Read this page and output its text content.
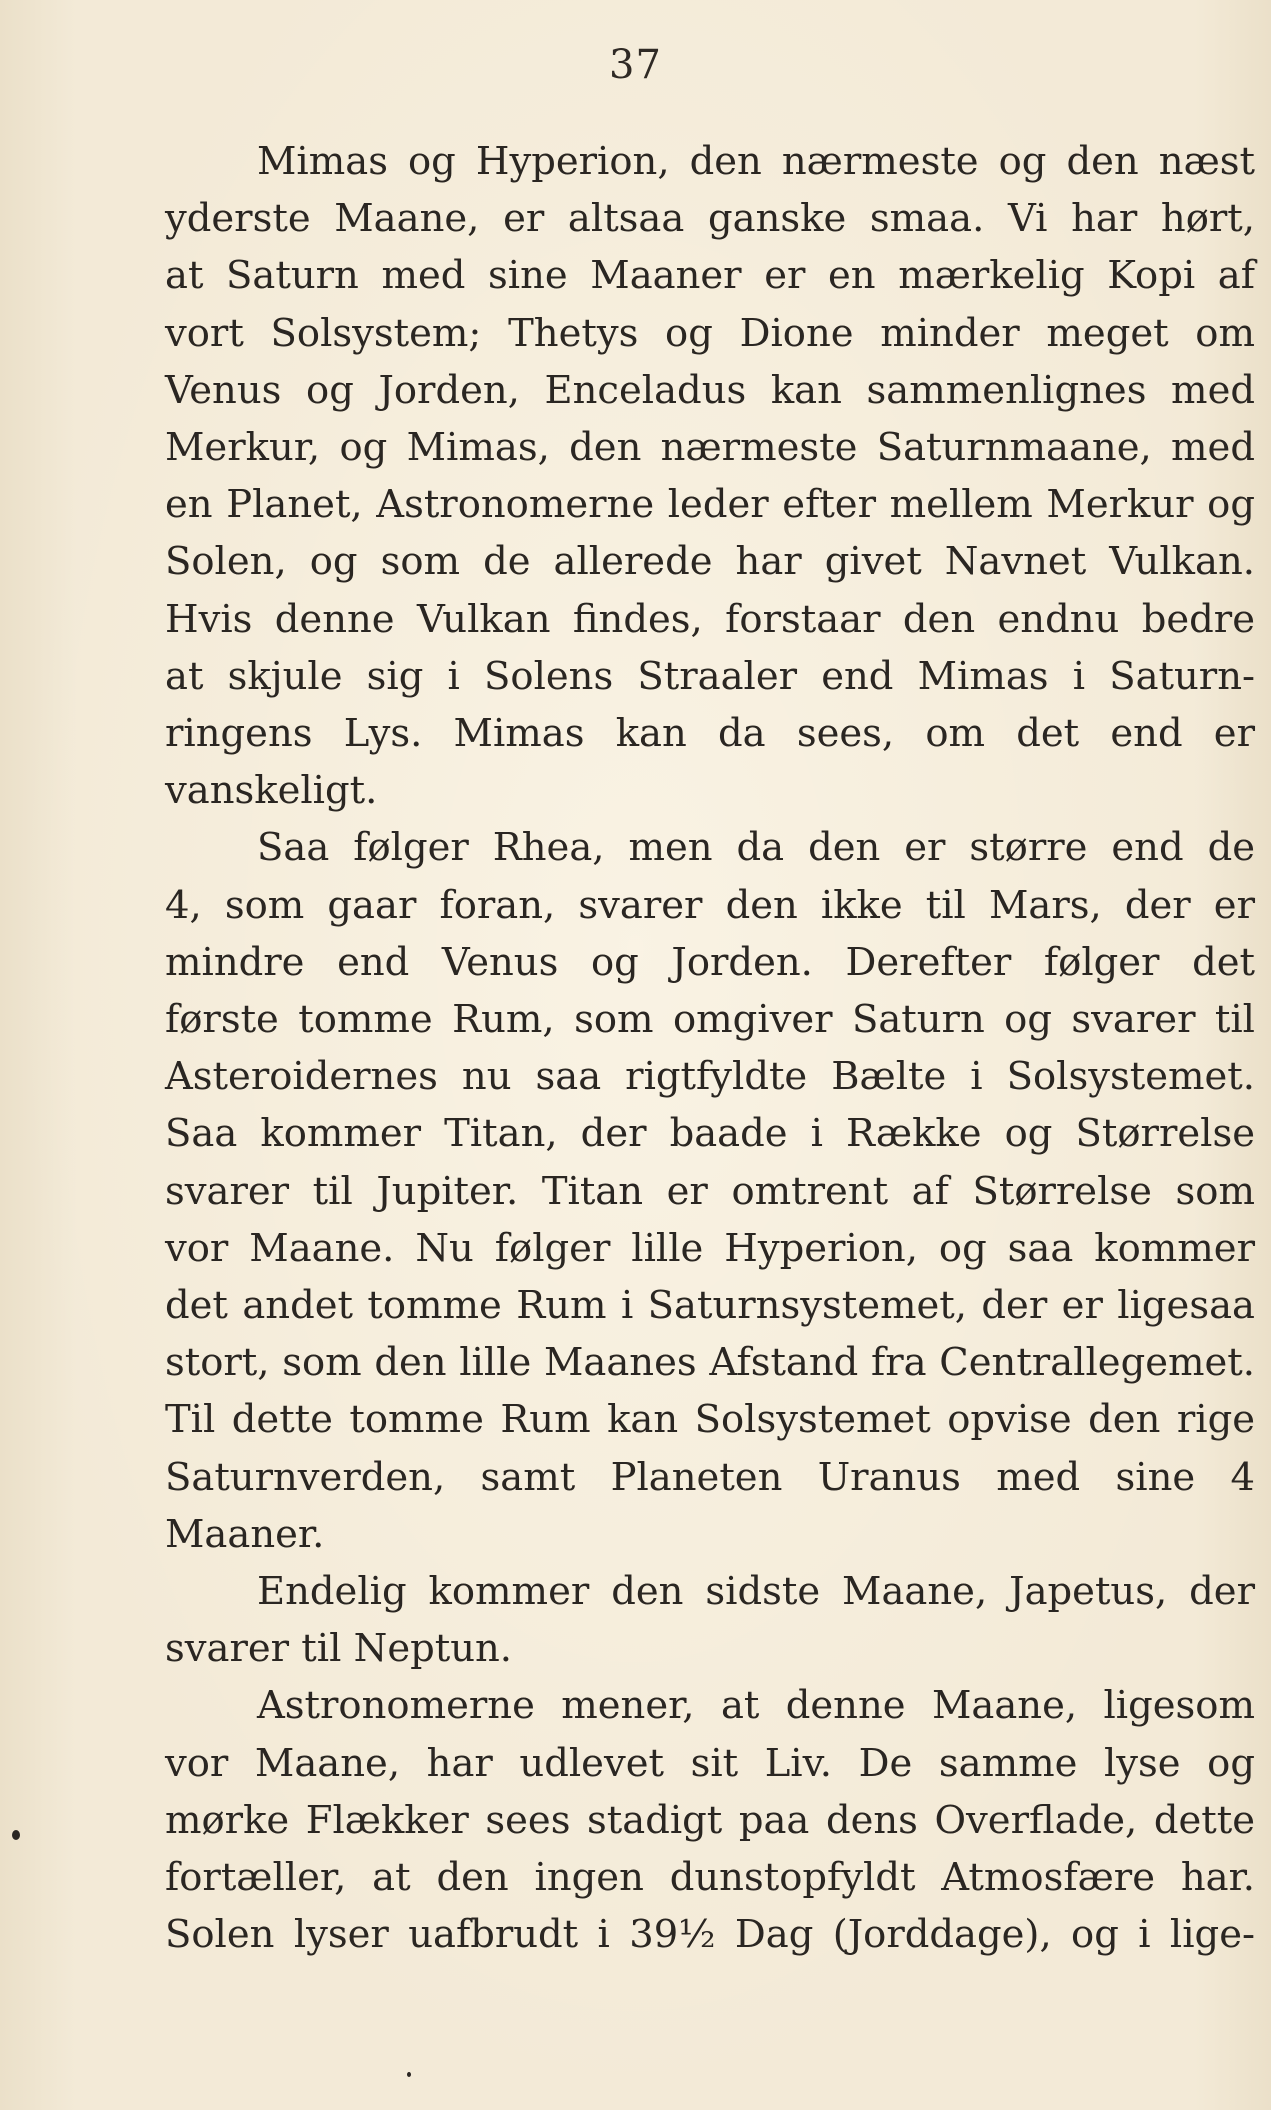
37
Mimas og Hyperion, den nærmeste og den næst
yderste Maane, er altsaa ganske smaa. Vi har hørt,
at Saturn med sine Maaner er en mærkelig Kopi af
vort Solsystem; Thetys og Dione minder meget om
Venus og Jorden, Enceladus kan sammenlignes med
Merkur, og Mimas, den nærmeste Saturnmaane, med
en Planet, Astronomerne leder efter mellem Merkur og
Solen, og som de allerede har givet Navnet Vulkan.
Hvis denne Vulkan findes, forstaar den endnu bedre
at skjule sig i Solens Straaler end Mimas i Saturn-
ringens Lys. Mimas kan da sees, om det end er
vanskeligt.
Saa følger Rhea, men da den er større end de
4, som gaar foran, svarer den ikke til Mars, der er
mindre end Venus og Jorden. Derefter følger det
første tomme Rum, som omgiver Saturn og svarer til
Asteroidernes nu saa rigtfyldte Bælte i Solsystemet.
Saa kommer Titan, der baade i Række og Størrelse
svarer til Jupiter. Titan er omtrent af Størrelse som
vor Maane. Nu følger lille Hyperion, og saa kommer
det andet tomme Rum i Saturnsystemet, der er ligesaa
stort, som den lille Maanes Afstand fra Centrallegemet.
Til dette tomme Rum kan Solsystemet opvise den rige
Saturnverden, samt Planeten Uranus med sine 4
Maaner.
Endelig kommer den sidste Maane, Japetus, der
svarer til Neptun.
Astronomerne mener, at denne Maane, ligesom
vor Maane, har udlevet sit Liv. De samme lyse og
mørke Flækker sees stadigt paa dens Overflade, dette
fortæller, at den ingen dunstopfyldt Atmosfære har.
Solen lyser uafbrudt i 39½ Dag (Jorddage), og i lige-
